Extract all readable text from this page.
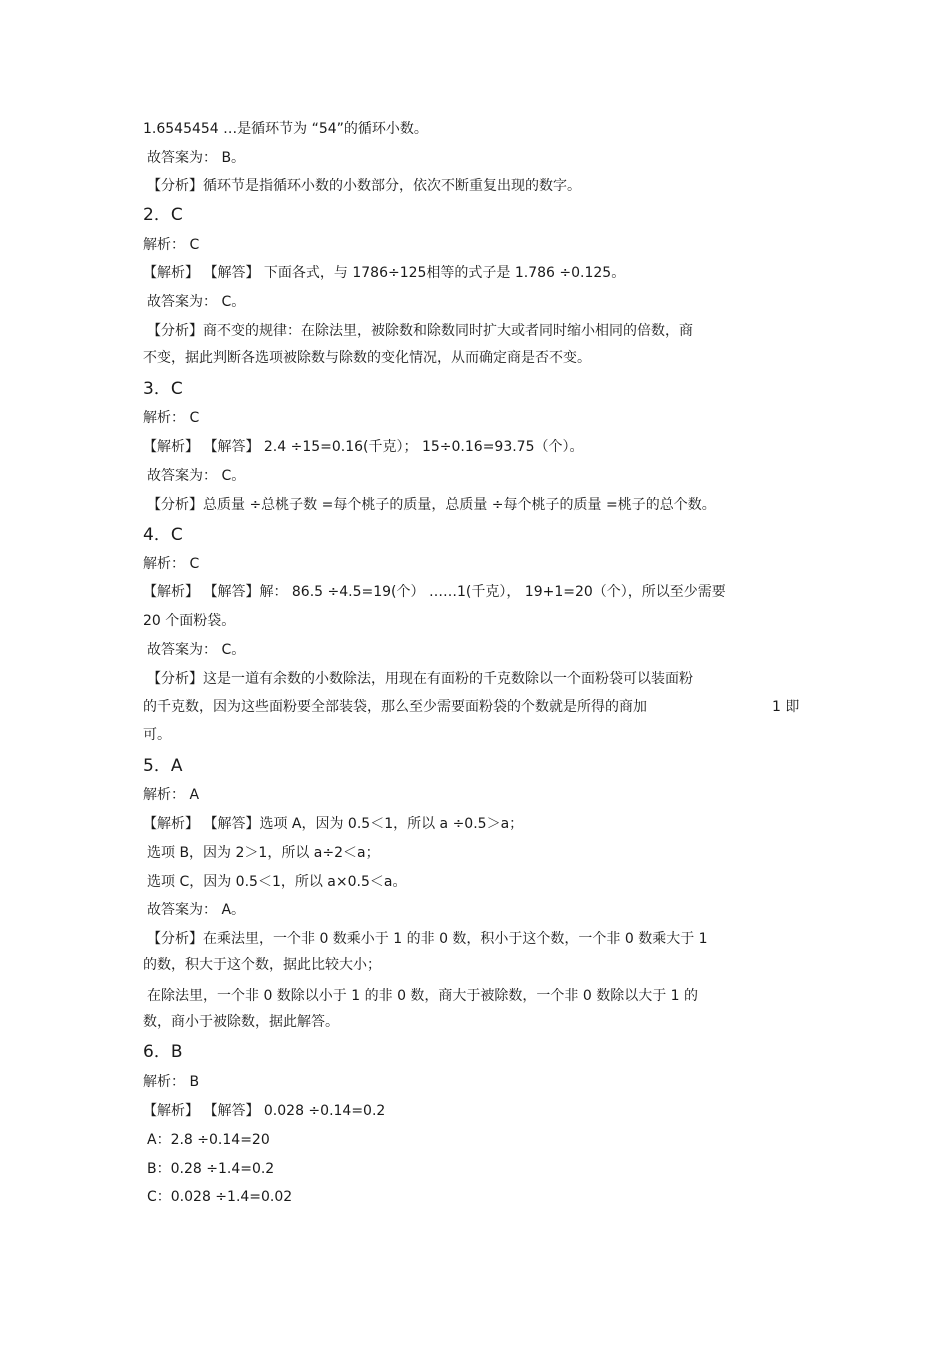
1.6545454 …是循环节为 “54”的循环小数。
故答案为： B。
【分析】循环节是指循环小数的小数部分，依次不断重复出现的数字。
2．C
解析： C
【解析】 【解答】 下面各式，与 1786÷125相等的式子是 1.786 ÷0.125。
故答案为： C。
【分析】商不变的规律：在除法里，被除数和除数同时扩大或者同时缩小相同的倍数，商
不变，据此判断各选项被除数与除数的变化情况，从而确定商是否不变。
3．C
解析： C
【解析】 【解答】 2.4 ÷15=0.16(千克）； 15÷0.16=93.75（个）。
故答案为： C。
【分析】总质量 ÷总桃子数 =每个桃子的质量，总质量 ÷每个桃子的质量 =桃子的总个数。
4．C
解析： C
【解析】 【解答】解： 86.5 ÷4.5=19(个） ……1(千克）， 19+1=20（个），所以至少需要
20 个面粉袋。
故答案为： C。
【分析】这是一道有余数的小数除法，用现在有面粉的千克数除以一个面粉袋可以装面粉
的千克数，因为这些面粉要全部装袋，那么至少需要面粉袋的个数就是所得的商加	1 即
可。
5．A
解析： A
【解析】 【解答】选项 A，因为 0.5＜1，所以 a ÷0.5＞a；
选项 B，因为 2＞1，所以 a÷2＜a；
选项 C，因为 0.5＜1，所以 a×0.5＜a。
故答案为： A。
【分析】在乘法里，一个非 0 数乘小于 1 的非 0 数，积小于这个数，一个非 0 数乘大于 1
的数，积大于这个数，据此比较大小；
在除法里，一个非 0 数除以小于 1 的非 0 数，商大于被除数，一个非 0 数除以大于 1 的
数，商小于被除数，据此解答。
6．B
解析： B
【解析】 【解答】 0.028 ÷0.14=0.2
A：2.8 ÷0.14=20
B：0.28 ÷1.4=0.2
C：0.028 ÷1.4=0.02
